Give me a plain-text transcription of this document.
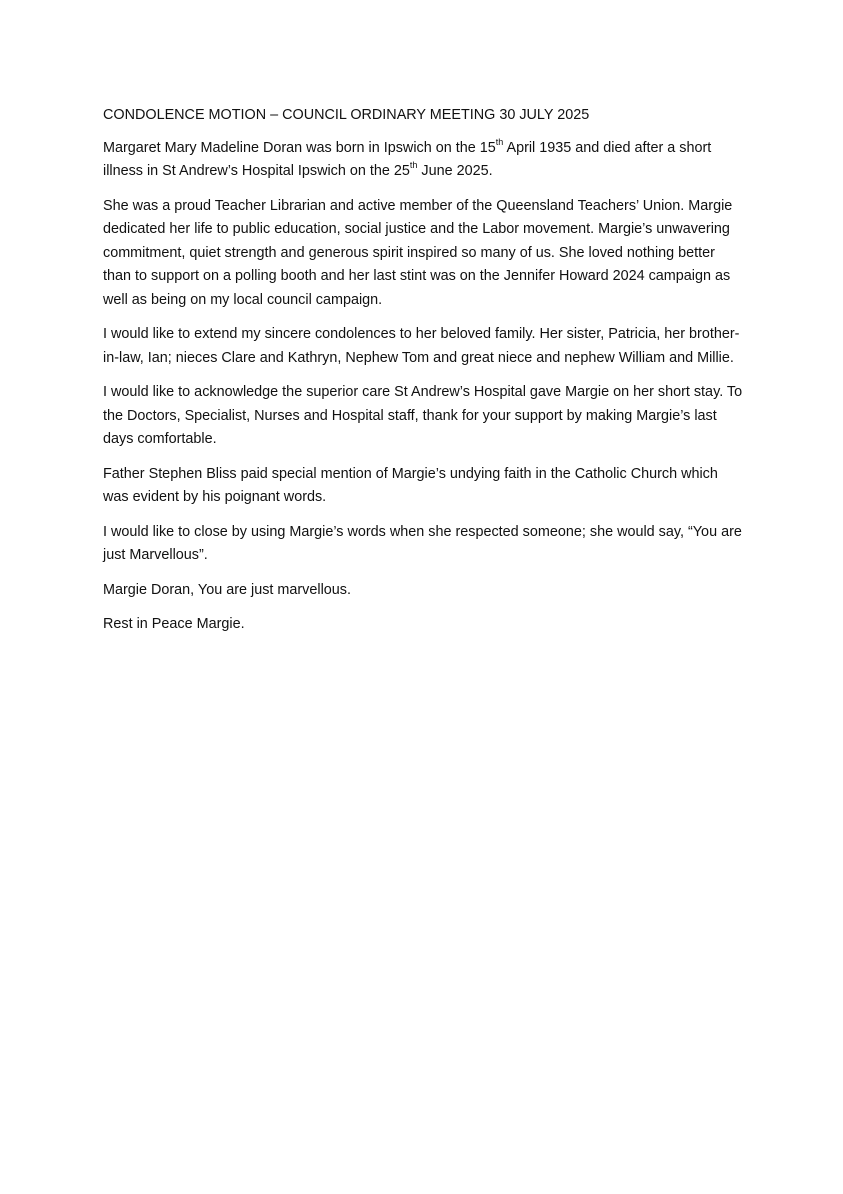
CONDOLENCE MOTION – COUNCIL ORDINARY MEETING 30 JULY 2025

Margaret Mary Madeline Doran was born in Ipswich on the 15th April 1935 and died after a short illness in St Andrew’s Hospital Ipswich on the 25th June 2025.

She was a proud Teacher Librarian and active member of the Queensland Teachers’ Union. Margie dedicated her life to public education, social justice and the Labor movement. Margie’s unwavering commitment, quiet strength and generous spirit inspired so many of us. She loved nothing better than to support on a polling booth and her last stint was on the Jennifer Howard 2024 campaign as well as being on my local council campaign.

I would like to extend my sincere condolences to her beloved family. Her sister, Patricia, her brother-in-law, Ian; nieces Clare and Kathryn, Nephew Tom and great niece and nephew William and Millie.

I would like to acknowledge the superior care St Andrew’s Hospital gave Margie on her short stay. To the Doctors, Specialist, Nurses and Hospital staff, thank for your support by making Margie’s last days comfortable.

Father Stephen Bliss paid special mention of Margie’s undying faith in the Catholic Church which was evident by his poignant words.

I would like to close by using Margie’s words when she respected someone; she would say, “You are just Marvellous”.

Margie Doran, You are just marvellous.

Rest in Peace Margie.
